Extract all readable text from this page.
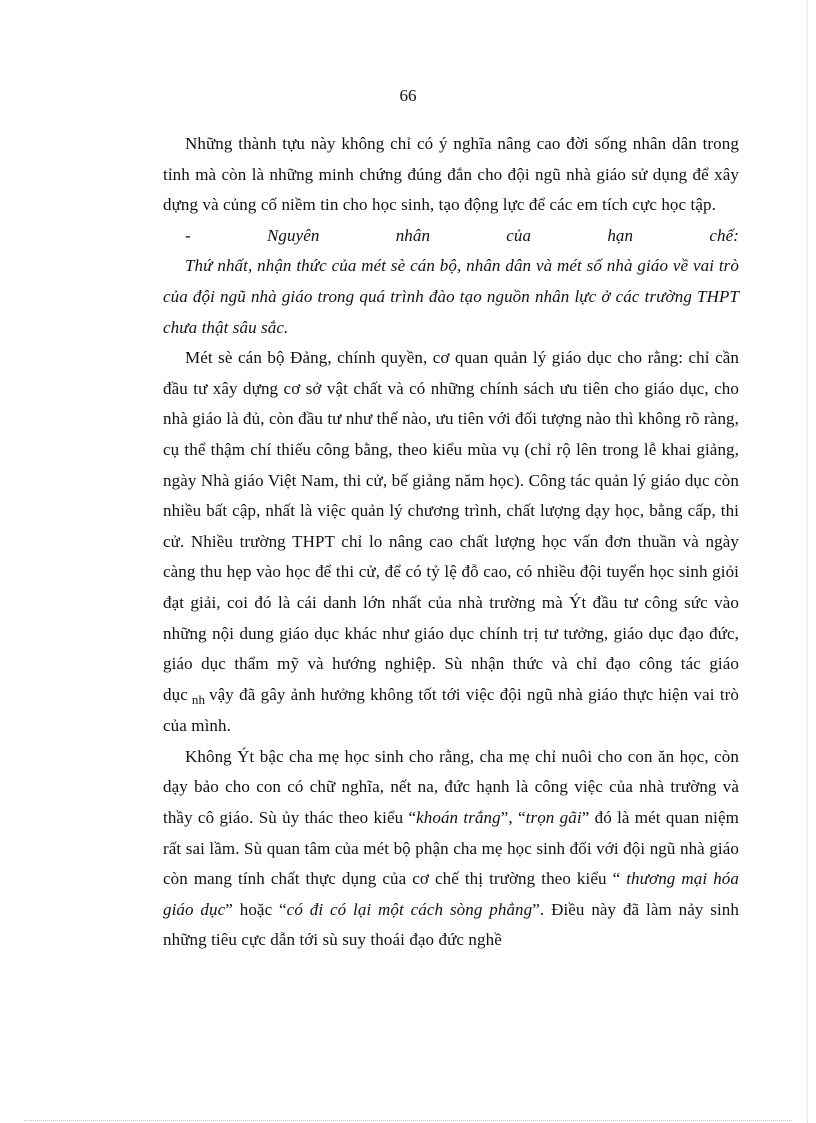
66

Những thành tựu này không chỉ có ý nghĩa nâng cao đời sống nhân dân trong tỉnh mà còn là những minh chứng đúng đắn cho đội ngũ nhà giáo sử dụng để xây dựng và củng cố niềm tin cho học sinh, tạo động lực để các em tích cực học tập.

-	Nguyên nhân của hạn chế:

Thứ nhất, nhận thức của mét sè cán bộ, nhân dân và mét số nhà giáo về vai trò của đội ngũ nhà giáo trong quá trình đào tạo nguồn nhân lực ở các trường THPT chưa thật sâu sắc.

Mét sè cán bộ Đảng, chính quyền, cơ quan quản lý giáo dục cho rằng: chỉ cần đầu tư xây dựng cơ sở vật chất và có những chính sách ưu tiên cho giáo dục, cho nhà giáo là đủ, còn đầu tư như thế nào, ưu tiên với đối tượng nào thì không rõ ràng, cụ thể thậm chí thiếu công bằng, theo kiểu mùa vụ (chỉ rộ lên trong lễ khai giảng, ngày Nhà giáo Việt Nam, thi cử, bế giảng năm học). Công tác quản lý giáo dục còn nhiều bất cập, nhất là việc quản lý chương trình, chất lượng dạy học, bằng cấp, thi cử. Nhiều trường THPT chỉ lo nâng cao chất lượng học vấn đơn thuần và ngày càng thu hẹp vào học để thi cử, để có tỷ lệ đỗ cao, có nhiều đội tuyển học sinh giỏi đạt giải, coi đó là cái danh lớn nhất của nhà trường mà Ýt đầu tư công sức vào những nội dung giáo dục khác như giáo dục chính trị tư tưởng, giáo dục đạo đức, giáo dục thẩm mỹ và hướng nghiệp. Sù nhận thức và chỉ đạo công tác giáo dục $_{nh}$ vậy đã gây ảnh hưởng không tốt tới việc đội ngũ nhà giáo thực hiện vai trò của mình.

Không Ýt bậc cha mẹ học sinh cho rằng, cha mẹ chỉ nuôi cho con ăn học, còn dạy bảo cho con có chữ nghĩa, nết na, đức hạnh là công việc của nhà trường và thầy cô giáo. Sù ủy thác theo kiểu “khoán trắng”, “trọn gãi” đó là mét quan niệm rất sai lầm. Sù quan tâm của mét bộ phận cha mẹ học sinh đối với đội ngũ nhà giáo còn mang tính chất thực dụng của cơ chế thị trường theo kiểu “ thương mại hóa giáo dục” hoặc “có đi có lại một cách sòng phẳng”. Điều này đã làm nảy sinh những tiêu cực dẫn tới sù suy thoái đạo đức nghề
